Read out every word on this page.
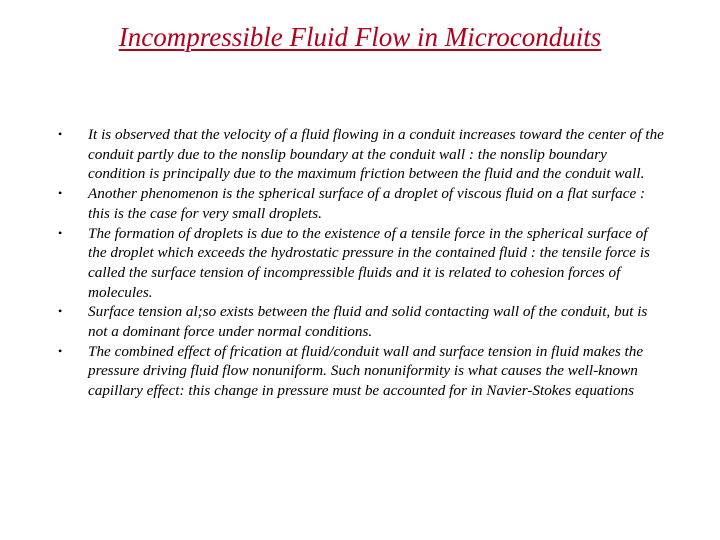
Incompressible Fluid Flow in Microconduits
• It is observed that the velocity of a fluid flowing in a conduit increases toward the center of the conduit partly due to the nonslip boundary at the conduit wall : the nonslip boundary condition is principally due to the maximum friction between the fluid and the conduit wall.
• Another phenomenon is the spherical surface of a droplet of viscous fluid on a flat surface : this is the case for very small droplets.
• The formation of droplets is due to the existence of a tensile force in the spherical surface of the droplet which exceeds the hydrostatic pressure in the contained fluid : the tensile force is called the surface tension of incompressible fluids and it is related to cohesion forces of molecules.
• Surface tension al;so exists between the fluid and solid contacting wall of the conduit, but is not a dominant force under normal conditions.
• The combined effect of frication at fluid/conduit wall and surface tension in fluid makes the pressure driving fluid flow nonuniform. Such nonuniformity is what causes the well-known capillary effect: this change in pressure must be accounted for in Navier-Stokes equations
